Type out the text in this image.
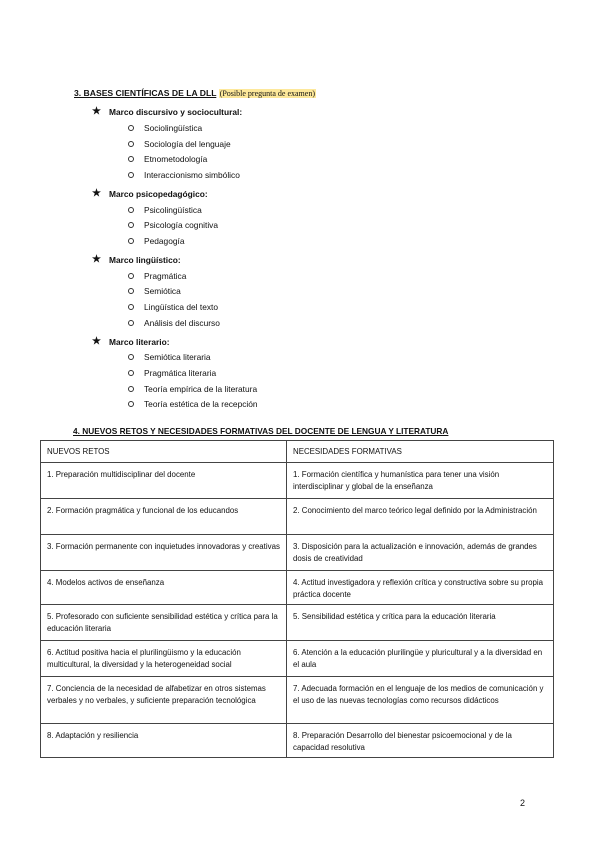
3. BASES CIENTÍFICAS DE LA DLL (Posible pregunta de examen)
★ Marco discursivo y sociocultural:
Sociolingüística
Sociología del lenguaje
Etnometodología
Interaccionismo simbólico
★ Marco psicopedagógico:
Psicolingüística
Psicología cognitiva
Pedagogía
★ Marco lingüístico:
Pragmática
Semiótica
Lingüística del texto
Análisis del discurso
★ Marco literario:
Semiótica literaria
Pragmática literaria
Teoría empírica de la literatura
Teoría estética de la recepción
4. NUEVOS RETOS Y NECESIDADES FORMATIVAS DEL DOCENTE DE LENGUA Y LITERATURA
NUEVOS RETOS	NECESIDADES FORMATIVAS
1. Preparación multidisciplinar del docente	1. Formación científica y humanística para tener una visión interdisciplinar y global de la enseñanza
2. Formación pragmática y funcional de los educandos	2. Conocimiento del marco teórico legal definido por la Administración
3. Formación permanente con inquietudes innovadoras y creativas	3. Disposición para la actualización e innovación, además de grandes dosis de creatividad
4. Modelos activos de enseñanza	4. Actitud investigadora y reflexión crítica y constructiva sobre su propia práctica docente
5. Profesorado con suficiente sensibilidad estética y crítica para la educación literaria	5. Sensibilidad estética y crítica para la educación literaria
6. Actitud positiva hacia el plurilingüismo y la educación multicultural, la diversidad y la heterogeneidad social	6. Atención a la educación plurilingüe y pluricultural y a la diversidad en el aula
7. Conciencia de la necesidad de alfabetizar en otros sistemas verbales y no verbales, y suficiente preparación tecnológica	7. Adecuada formación en el lenguaje de los medios de comunicación y el uso de las nuevas tecnologías como recursos didácticos
8. Adaptación y resiliencia	8. Preparación Desarrollo del bienestar psicoemocional y de la capacidad resolutiva
2
